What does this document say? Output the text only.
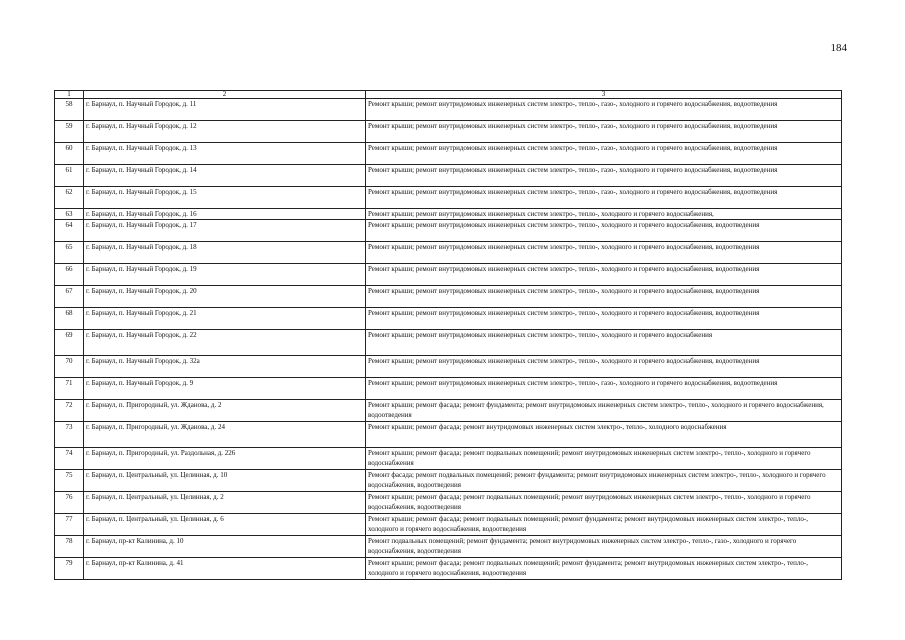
184
1	2	3
58	г. Барнаул, п. Научный Городок, д. 11	Ремонт крыши; ремонт внутридомовых инженерных систем электро-, тепло-, газо-, холодного и горячего водоснабжения, водоотведения
59	г. Барнаул, п. Научный Городок, д. 12	Ремонт крыши; ремонт внутридомовых инженерных систем электро-, тепло-, газо-, холодного и горячего водоснабжения, водоотведения
60	г. Барнаул, п. Научный Городок, д. 13	Ремонт крыши; ремонт внутридомовых инженерных систем электро-, тепло-, газо-, холодного и горячего водоснабжения, водоотведения
61	г. Барнаул, п. Научный Городок, д. 14	Ремонт крыши; ремонт внутридомовых инженерных систем электро-, тепло-, газо-, холодного и горячего водоснабжения, водоотведения
62	г. Барнаул, п. Научный Городок, д. 15	Ремонт крыши; ремонт внутридомовых инженерных систем электро-, тепло-, газо-, холодного и горячего водоснабжения, водоотведения
63	г. Барнаул, п. Научный Городок, д. 16	Ремонт крыши; ремонт внутридомовых инженерных систем электро-, тепло-, холодного и горячего водоснабжения,
64	г. Барнаул, п. Научный Городок, д. 17	Ремонт крыши; ремонт внутридомовых инженерных систем электро-, тепло-, холодного и горячего водоснабжения, водоотведения
65	г. Барнаул, п. Научный Городок, д. 18	Ремонт крыши; ремонт внутридомовых инженерных систем электро-, тепло-, холодного и горячего водоснабжения, водоотведения
66	г. Барнаул, п. Научный Городок, д. 19	Ремонт крыши; ремонт внутридомовых инженерных систем электро-, тепло-, холодного и горячего водоснабжения, водоотведения
67	г. Барнаул, п. Научный Городок, д. 20	Ремонт крыши; ремонт внутридомовых инженерных систем электро-, тепло-, холодного и горячего водоснабжения, водоотведения
68	г. Барнаул, п. Научный Городок, д. 21	Ремонт крыши; ремонт внутридомовых инженерных систем электро-, тепло-, холодного и горячего водоснабжения, водоотведения
69	г. Барнаул, п. Научный Городок, д. 22	Ремонт крыши; ремонт внутридомовых инженерных систем электро-, тепло-, холодного и горячего водоснабжения
70	г. Барнаул, п. Научный Городок, д. 32а	Ремонт крыши; ремонт внутридомовых инженерных систем электро-, тепло-, холодного и горячего водоснабжения, водоотведения
71	г. Барнаул, п. Научный Городок, д. 9	Ремонт крыши; ремонт внутридомовых инженерных систем электро-, тепло-, газо-, холодного и горячего водоснабжения, водоотведения
72	г. Барнаул, п. Пригородный, ул. Жданова, д. 2	Ремонт крыши; ремонт фасада; ремонт фундамента; ремонт внутридомовых инженерных систем электро-, тепло-, холодного и горячего водоснабжения, водоотведения
73	г. Барнаул, п. Пригородный, ул. Жданова, д. 24	Ремонт крыши; ремонт фасада; ремонт внутридомовых инженерных систем электро-, тепло-, холодного водоснабжения
74	г. Барнаул, п. Пригородный, ул. Раздольная, д. 226	Ремонт крыши; ремонт фасада; ремонт подвальных помещений; ремонт внутридомовых инженерных систем электро-, тепло-, холодного и горячего водоснабжения
75	г. Барнаул, п. Центральный, ул. Целинная, д. 10	Ремонт фасада; ремонт подвальных помещений; ремонт фундамента; ремонт внутридомовых инженерных систем электро-, тепло-, холодного и горячего водоснабжения, водоотведения
76	г. Барнаул, п. Центральный, ул. Целинная, д. 2	Ремонт крыши; ремонт фасада; ремонт подвальных помещений; ремонт внутридомовых инженерных систем электро-, тепло-, холодного и горячего водоснабжения, водоотведения
77	г. Барнаул, п. Центральный, ул. Целинная, д. 6	Ремонт крыши; ремонт фасада; ремонт подвальных помещений; ремонт фундамента; ремонт внутридомовых инженерных систем электро-, тепло-, холодного и горячего водоснабжения, водоотведения
78	г. Барнаул, пр-кт Калинина, д. 10	Ремонт подвальных помещений; ремонт фундамента; ремонт внутридомовых инженерных систем электро-, тепло-, газо-, холодного и горячего водоснабжения, водоотведения
79	г. Барнаул, пр-кт Калинина, д. 41	Ремонт крыши; ремонт фасада; ремонт подвальных помещений; ремонт фундамента; ремонт внутридомовых инженерных систем электро-, тепло-, холодного и горячего водоснабжения, водоотведения
